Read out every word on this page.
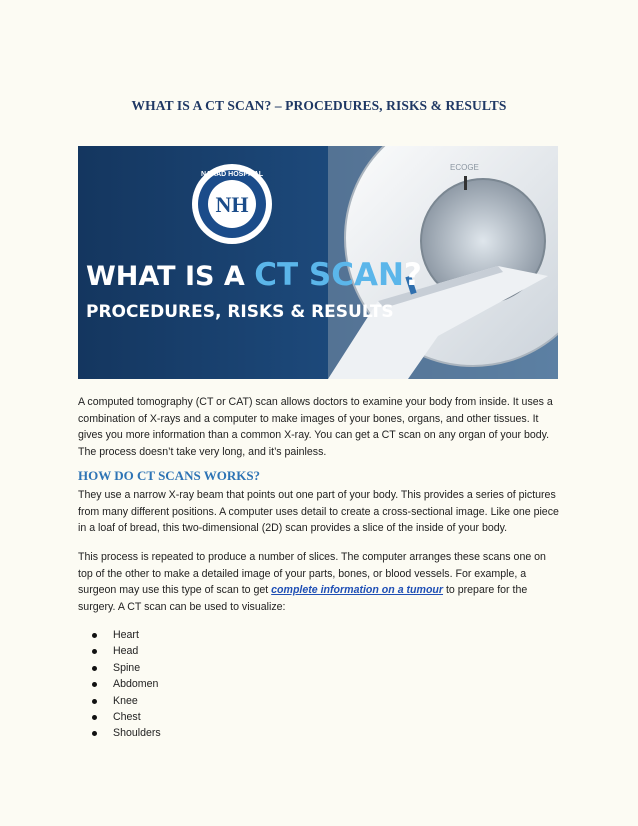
WHAT IS A CT SCAN? – PROCEDURES, RISKS & RESULTS
ECOGE
NH
NARAD HOSPITAL
WHAT IS A CT SCAN?
PROCEDURES, RISKS & RESULTS

A computed tomography (CT or CAT) scan allows doctors to examine your body from inside. It uses a combination of X-rays and a computer to make images of your bones, organs, and other tissues. It gives you more information than a common X-ray. You can get a CT scan on any organ of your body. The process doesn’t take very long, and it’s painless.

HOW DO CT SCANS WORKS?

They use a narrow X-ray beam that points out one part of your body. This provides a series of pictures from many different positions. A computer uses detail to create a cross-sectional image. Like one piece in a loaf of bread, this two-dimensional (2D) scan provides a slice of the inside of your body.

This process is repeated to produce a number of slices. The computer arranges these scans one on top of the other to make a detailed image of your parts, bones, or blood vessels. For example, a surgeon may use this type of scan to get complete information on a tumour to prepare for the surgery. A CT scan can be used to visualize:

Heart
Head
Spine
Abdomen
Knee
Chest
Shoulders
